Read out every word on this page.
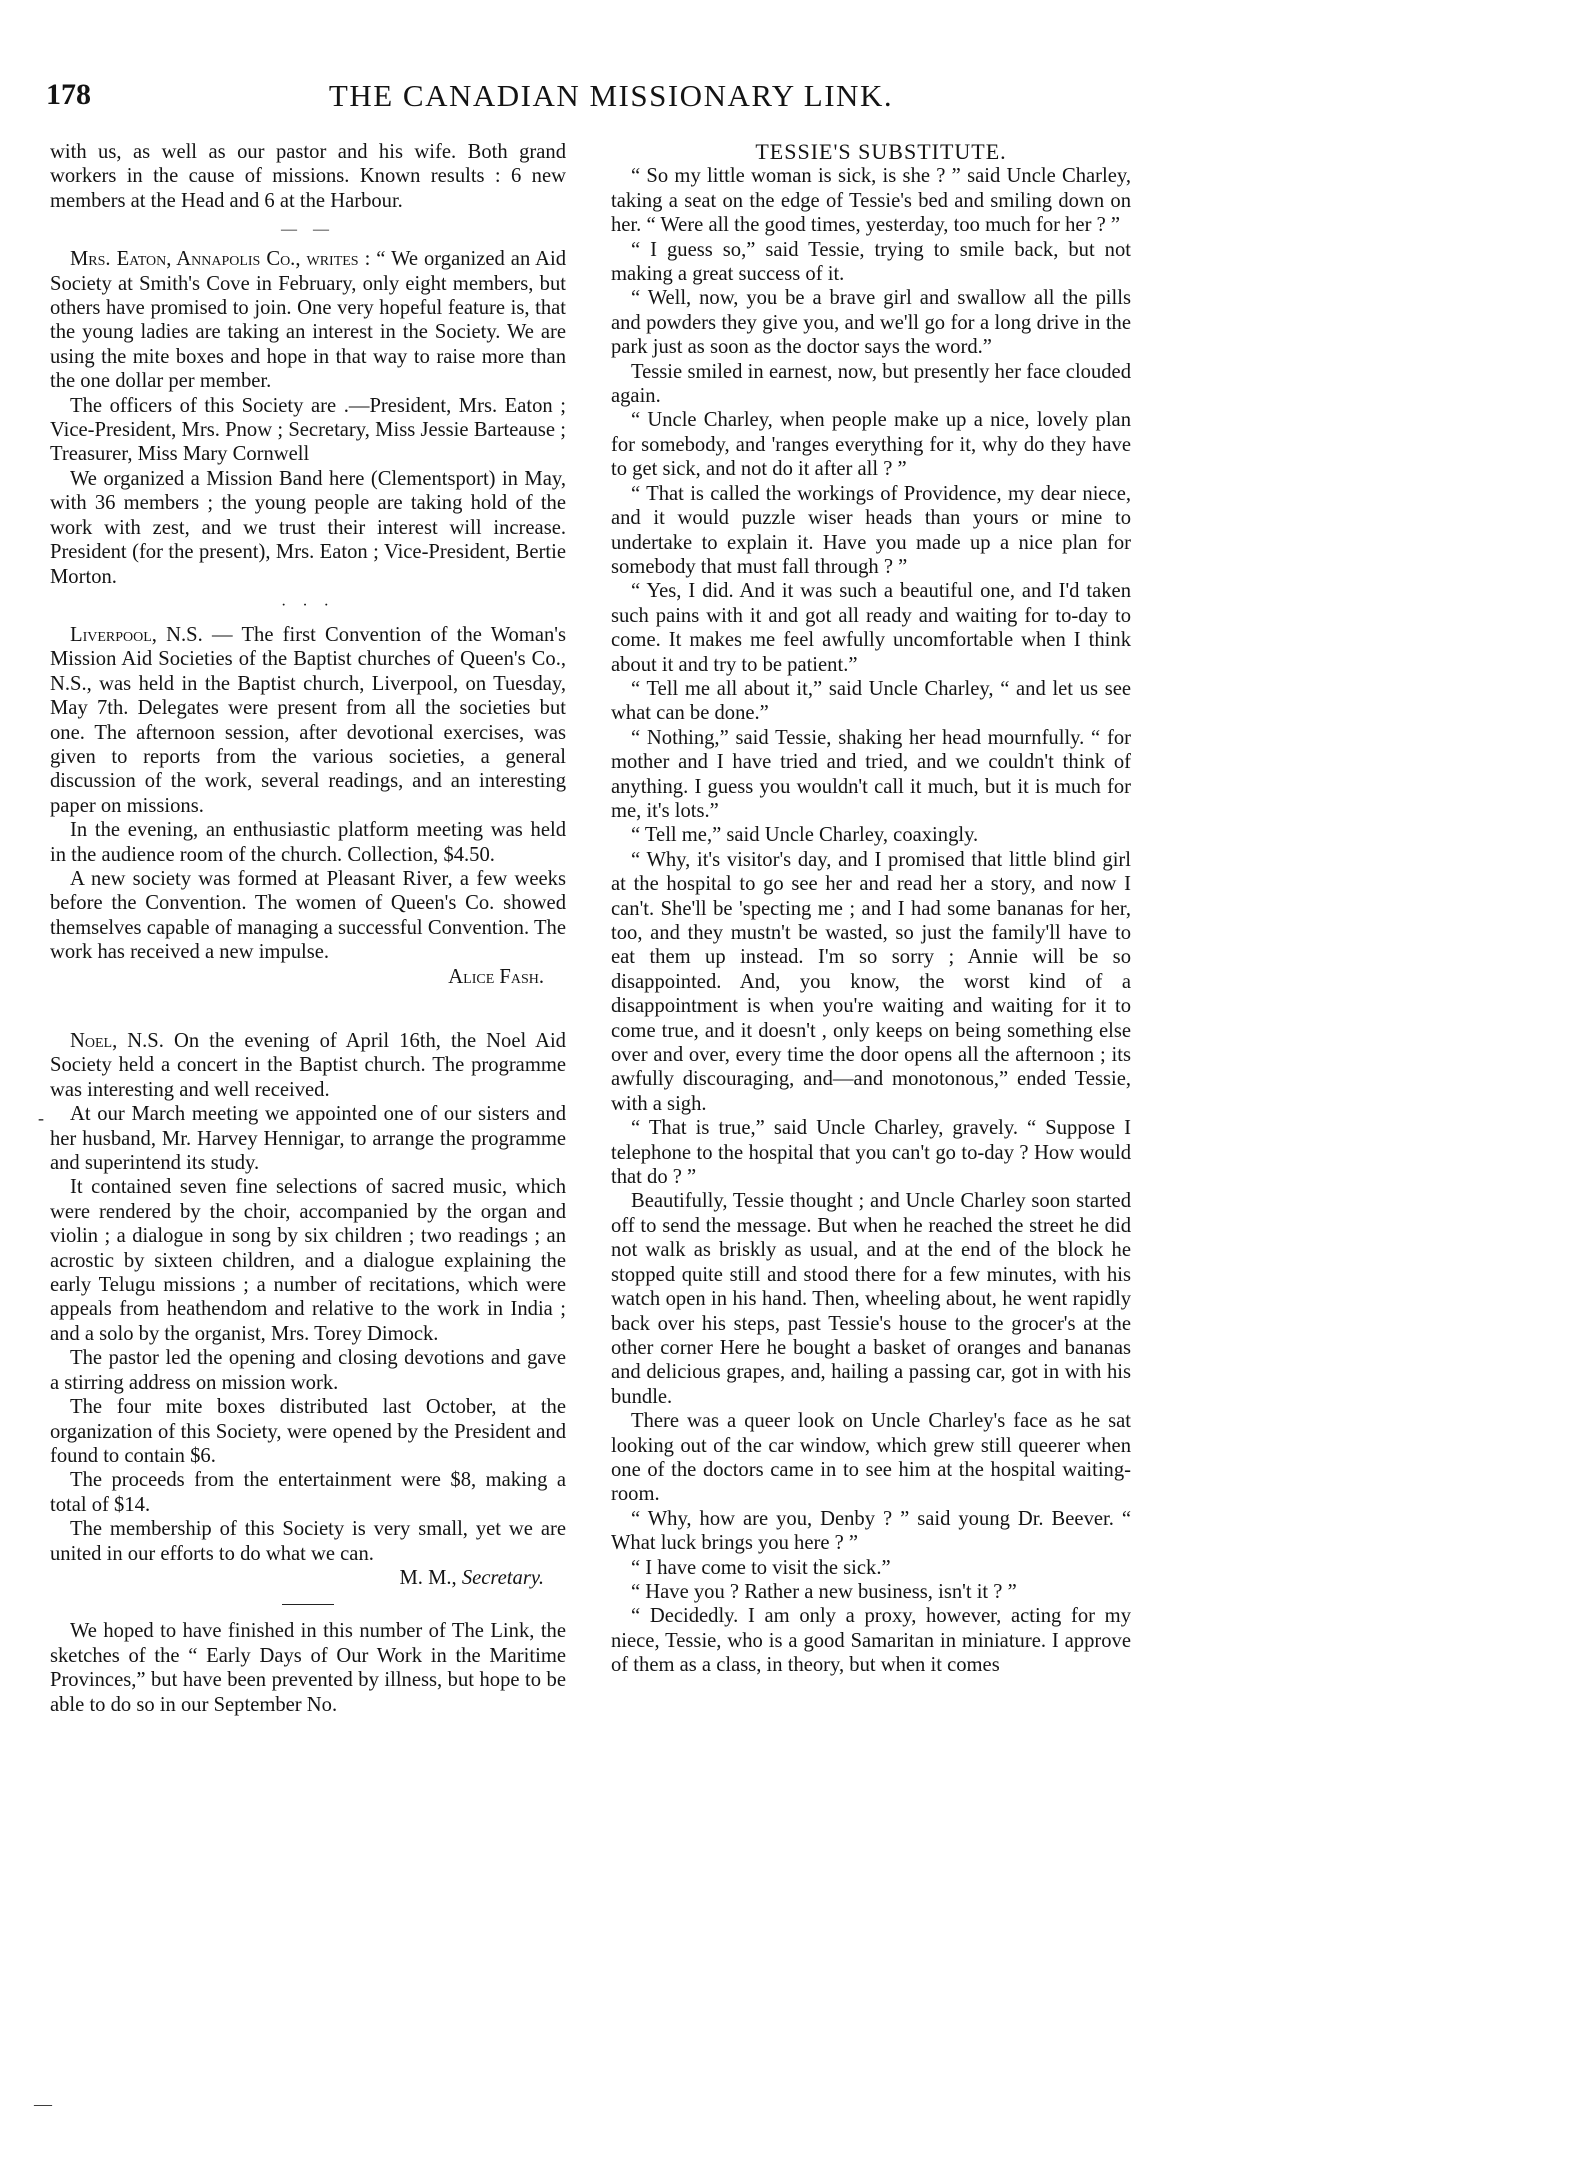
178	THE CANADIAN MISSIONARY LINK.

with us, as well as our pastor and his wife. Both grand workers in the cause of missions. Known results : 6 new members at the Head and 6 at the Harbour.

— —

Mrs. Eaton, Annapolis Co., writes : “ We organized an Aid Society at Smith's Cove in February, only eight members, but others have promised to join. One very hopeful feature is, that the young ladies are taking an interest in the Society. We are using the mite boxes and hope in that way to raise more than the one dollar per member.

The officers of this Society are .—President, Mrs. Eaton ; Vice-President, Mrs. Pnow ; Secretary, Miss Jessie Barteause ; Treasurer, Miss Mary Cornwell

We organized a Mission Band here (Clementsport) in May, with 36 members ; the young people are taking hold of the work with zest, and we trust their interest will increase. President (for the present), Mrs. Eaton ; Vice-President, Bertie Morton.

· · ·

Liverpool, N.S. — The first Convention of the Woman's Mission Aid Societies of the Baptist churches of Queen's Co., N.S., was held in the Baptist church, Liverpool, on Tuesday, May 7th. Delegates were present from all the societies but one. The afternoon session, after devotional exercises, was given to reports from the various societies, a general discussion of the work, several readings, and an interesting paper on missions.

In the evening, an enthusiastic platform meeting was held in the audience room of the church. Collection, $4.50.

A new society was formed at Pleasant River, a few weeks before the Convention. The women of Queen's Co. showed themselves capable of managing a successful Convention. The work has received a new impulse.

Alice Fash.

Noel, N.S. On the evening of April 16th, the Noel Aid Society held a concert in the Baptist church. The programme was interesting and well received.

At our March meeting we appointed one of our sisters and her husband, Mr. Harvey Hennigar, to arrange the programme and superintend its study.

It contained seven fine selections of sacred music, which were rendered by the choir, accompanied by the organ and violin ; a dialogue in song by six children ; two readings ; an acrostic by sixteen children, and a dialogue explaining the early Telugu missions ; a number of recitations, which were appeals from heathendom and relative to the work in India ; and a solo by the organist, Mrs. Torey Dimock.

The pastor led the opening and closing devotions and gave a stirring address on mission work.

The four mite boxes distributed last October, at the organization of this Society, were opened by the President and found to contain $6.

The proceeds from the entertainment were $8, making a total of $14.

The membership of this Society is very small, yet we are united in our efforts to do what we can.

M. M., Secretary.

We hoped to have finished in this number of The Link, the sketches of the “ Early Days of Our Work in the Maritime Provinces,” but have been prevented by illness, but hope to be able to do so in our September No.

TESSIE'S SUBSTITUTE.

“ So my little woman is sick, is she ? ” said Uncle Charley, taking a seat on the edge of Tessie's bed and smiling down on her. “ Were all the good times, yesterday, too much for her ? ”

“ I guess so,” said Tessie, trying to smile back, but not making a great success of it.

“ Well, now, you be a brave girl and swallow all the pills and powders they give you, and we'll go for a long drive in the park just as soon as the doctor says the word.”

Tessie smiled in earnest, now, but presently her face clouded again.

“ Uncle Charley, when people make up a nice, lovely plan for somebody, and 'ranges everything for it, why do they have to get sick, and not do it after all ? ”

“ That is called the workings of Providence, my dear niece, and it would puzzle wiser heads than yours or mine to undertake to explain it. Have you made up a nice plan for somebody that must fall through ? ”

“ Yes, I did. And it was such a beautiful one, and I'd taken such pains with it and got all ready and waiting for to-day to come. It makes me feel awfully uncomfortable when I think about it and try to be patient.”

“ Tell me all about it,” said Uncle Charley, “ and let us see what can be done.”

“ Nothing,” said Tessie, shaking her head mournfully. “ for mother and I have tried and tried, and we couldn't think of anything. I guess you wouldn't call it much, but it is much for me, it's lots.”

“ Tell me,” said Uncle Charley, coaxingly.

“ Why, it's visitor's day, and I promised that little blind girl at the hospital to go see her and read her a story, and now I can't. She'll be 'specting me ; and I had some bananas for her, too, and they mustn't be wasted, so just the family'll have to eat them up instead. I'm so sorry ; Annie will be so disappointed. And, you know, the worst kind of a disappointment is when you're waiting and waiting for it to come true, and it doesn't , only keeps on being something else over and over, every time the door opens all the afternoon ; its awfully discouraging, and—and monotonous,” ended Tessie, with a sigh.

“ That is true,” said Uncle Charley, gravely. “ Suppose I telephone to the hospital that you can't go to-day ? How would that do ? ”

Beautifully, Tessie thought ; and Uncle Charley soon started off to send the message. But when he reached the street he did not walk as briskly as usual, and at the end of the block he stopped quite still and stood there for a few minutes, with his watch open in his hand. Then, wheeling about, he went rapidly back over his steps, past Tessie's house to the grocer's at the other corner Here he bought a basket of oranges and bananas and delicious grapes, and, hailing a passing car, got in with his bundle.

There was a queer look on Uncle Charley's face as he sat looking out of the car window, which grew still queerer when one of the doctors came in to see him at the hospital waiting-room.

“ Why, how are you, Denby ? ” said young Dr. Beever. “ What luck brings you here ? ”

“ I have come to visit the sick.”

“ Have you ? Rather a new business, isn't it ? ”

“ Decidedly. I am only a proxy, however, acting for my niece, Tessie, who is a good Samaritan in miniature. I approve of them as a class, in theory, but when it comes

-
—
